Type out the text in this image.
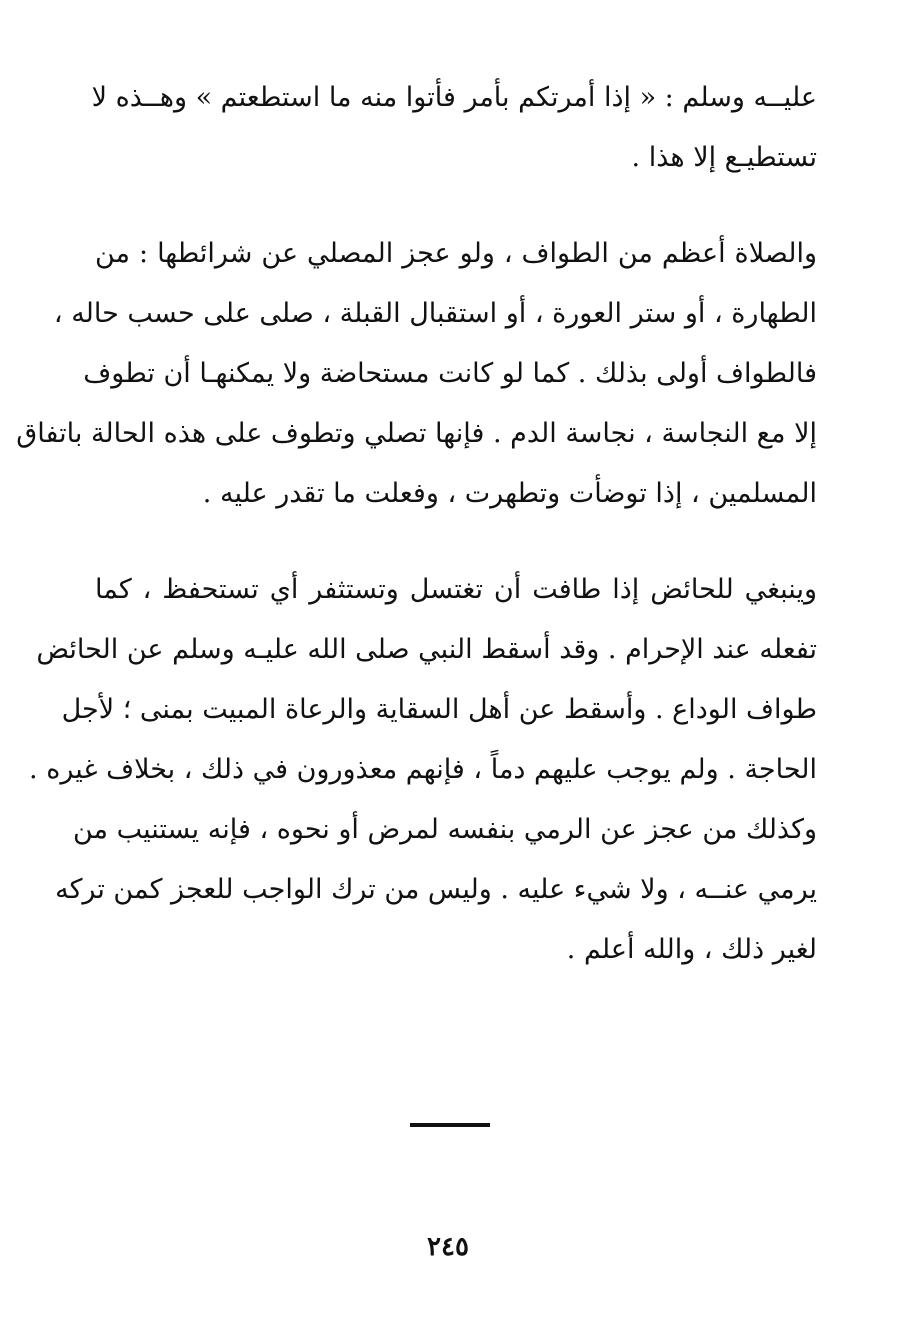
عليــه وسلم : « إذا أمرتكم بأمر فأتوا منه ما استطعتم » وهــذه لا
تستطيـع إلا هذا .

والصلاة أعظم من الطواف ، ولو عجز المصلي عن شرائطها : من
الطهارة ، أو ستر العورة ، أو استقبال القبلة ، صلى على حسب حاله ،
فالطواف أولى بذلك . كما لو كانت مستحاضة ولا يمكنهـا أن تطوف
إلا مع النجاسة ، نجاسة الدم . فإنها تصلي وتطوف على هذه الحالة باتفاق
المسلمين ، إذا توضأت وتطهرت ، وفعلت ما تقدر عليه .

وينبغي للحائض إذا طافت أن تغتسل وتستثفر أي تستحفظ ، كما
تفعله عند الإحرام . وقد أسقط النبي صلى الله عليـه وسلم عن الحائض
طواف الوداع . وأسقط عن أهل السقاية والرعاة المبيت بمنى ؛ لأجل
الحاجة . ولم يوجب عليهم دماً ، فإنهم معذورون في ذلك ، بخلاف غيره .
وكذلك من عجز عن الرمي بنفسه لمرض أو نحوه ، فإنه يستنيب من
يرمي عنــه ، ولا شيء عليه . وليس من ترك الواجب للعجز كمن تركه
لغير ذلك ، والله أعلم .

٢٤٥
